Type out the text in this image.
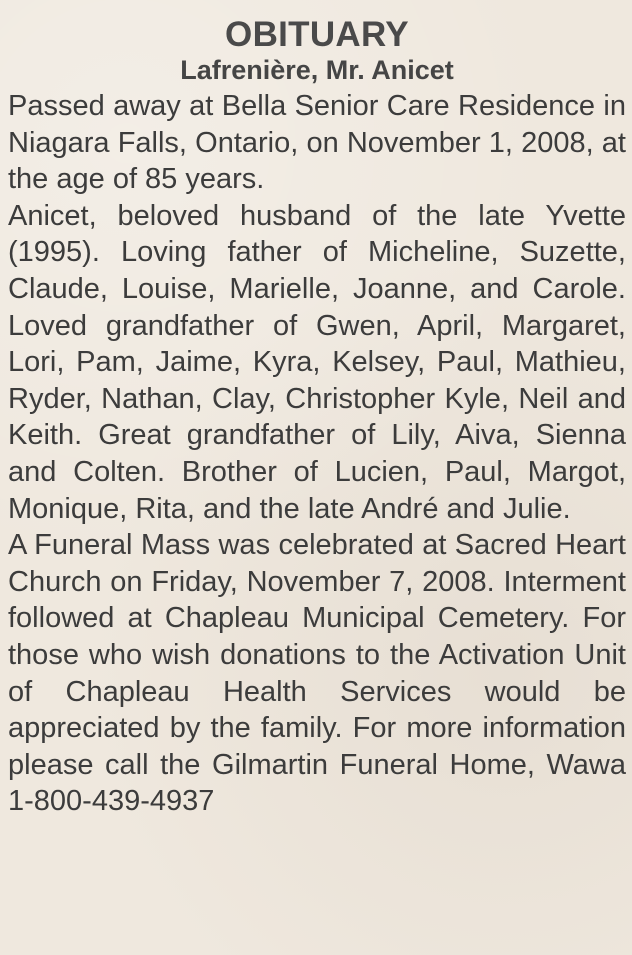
OBITUARY
Lafrenière, Mr. Anicet

Passed away at Bella Senior Care Residence in Niagara Falls, Ontario, on November 1, 2008, at the age of 85 years.

Anicet, beloved husband of the late Yvette (1995). Loving father of Micheline, Suzette, Claude, Louise, Marielle, Joanne, and Carole. Loved grandfather of Gwen, April, Margaret, Lori, Pam, Jaime, Kyra, Kelsey, Paul, Mathieu, Ryder, Nathan, Clay, Christopher Kyle, Neil and Keith. Great grandfather of Lily, Aiva, Sienna and Colten. Brother of Lucien, Paul, Margot, Monique, Rita, and the late André and Julie.

A Funeral Mass was celebrated at Sacred Heart Church on Friday, November 7, 2008. Interment followed at Chapleau Municipal Cemetery. For those who wish donations to the Activation Unit of Chapleau Health Services would be appreciated by the family. For more information please call the Gilmartin Funeral Home, Wawa 1-800-439-4937
